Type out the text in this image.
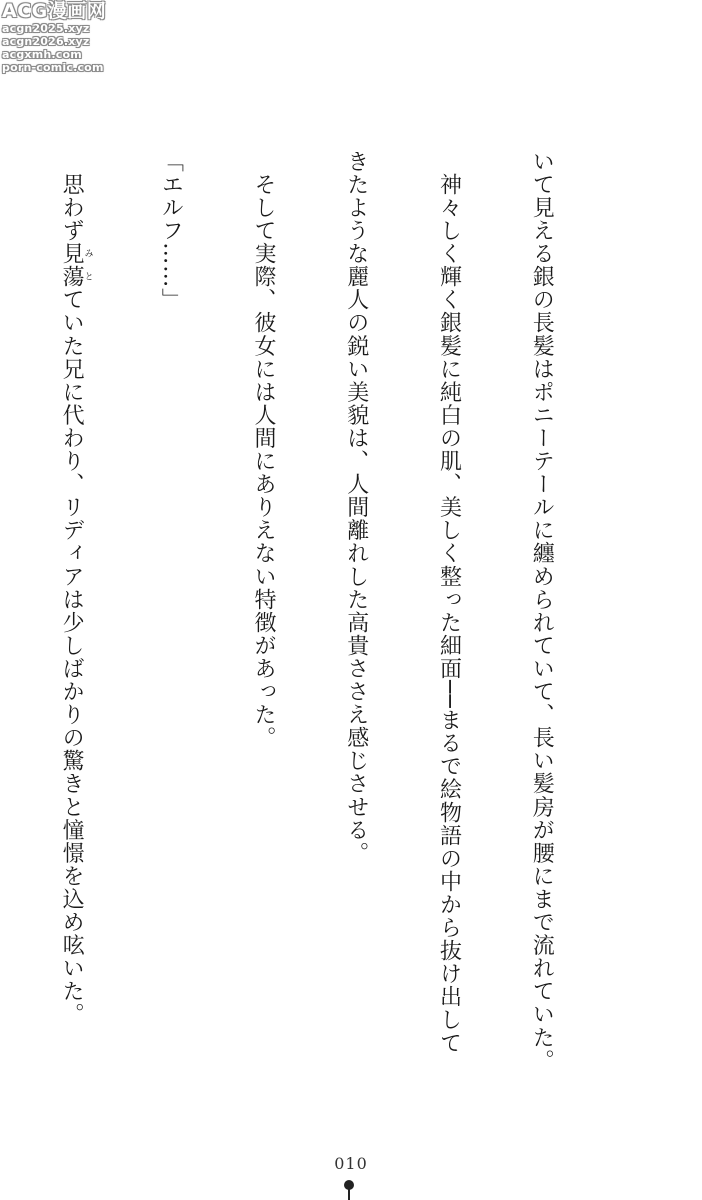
ACG漫画网
acgn2025.xyz
acgn2026.xyz
acgxmh.com
porn-comic.com

いて見える銀の長髪はポニーテールに纏められていて、長い髪房が腰にまで流れていた。

　神々しく輝く銀髪に純白の肌、美しく整った細面──まるで絵物語の中から抜け出して

きたような麗人の鋭い美貌は、人間離れした高貴ささえ感じさせる。

　そして実際、彼女には人間にありえない特徴があった。

「エルフ……」

　思わず見蕩みとていた兄に代わり、リディアは少しばかりの驚きと憧憬を込め呟いた。

010
